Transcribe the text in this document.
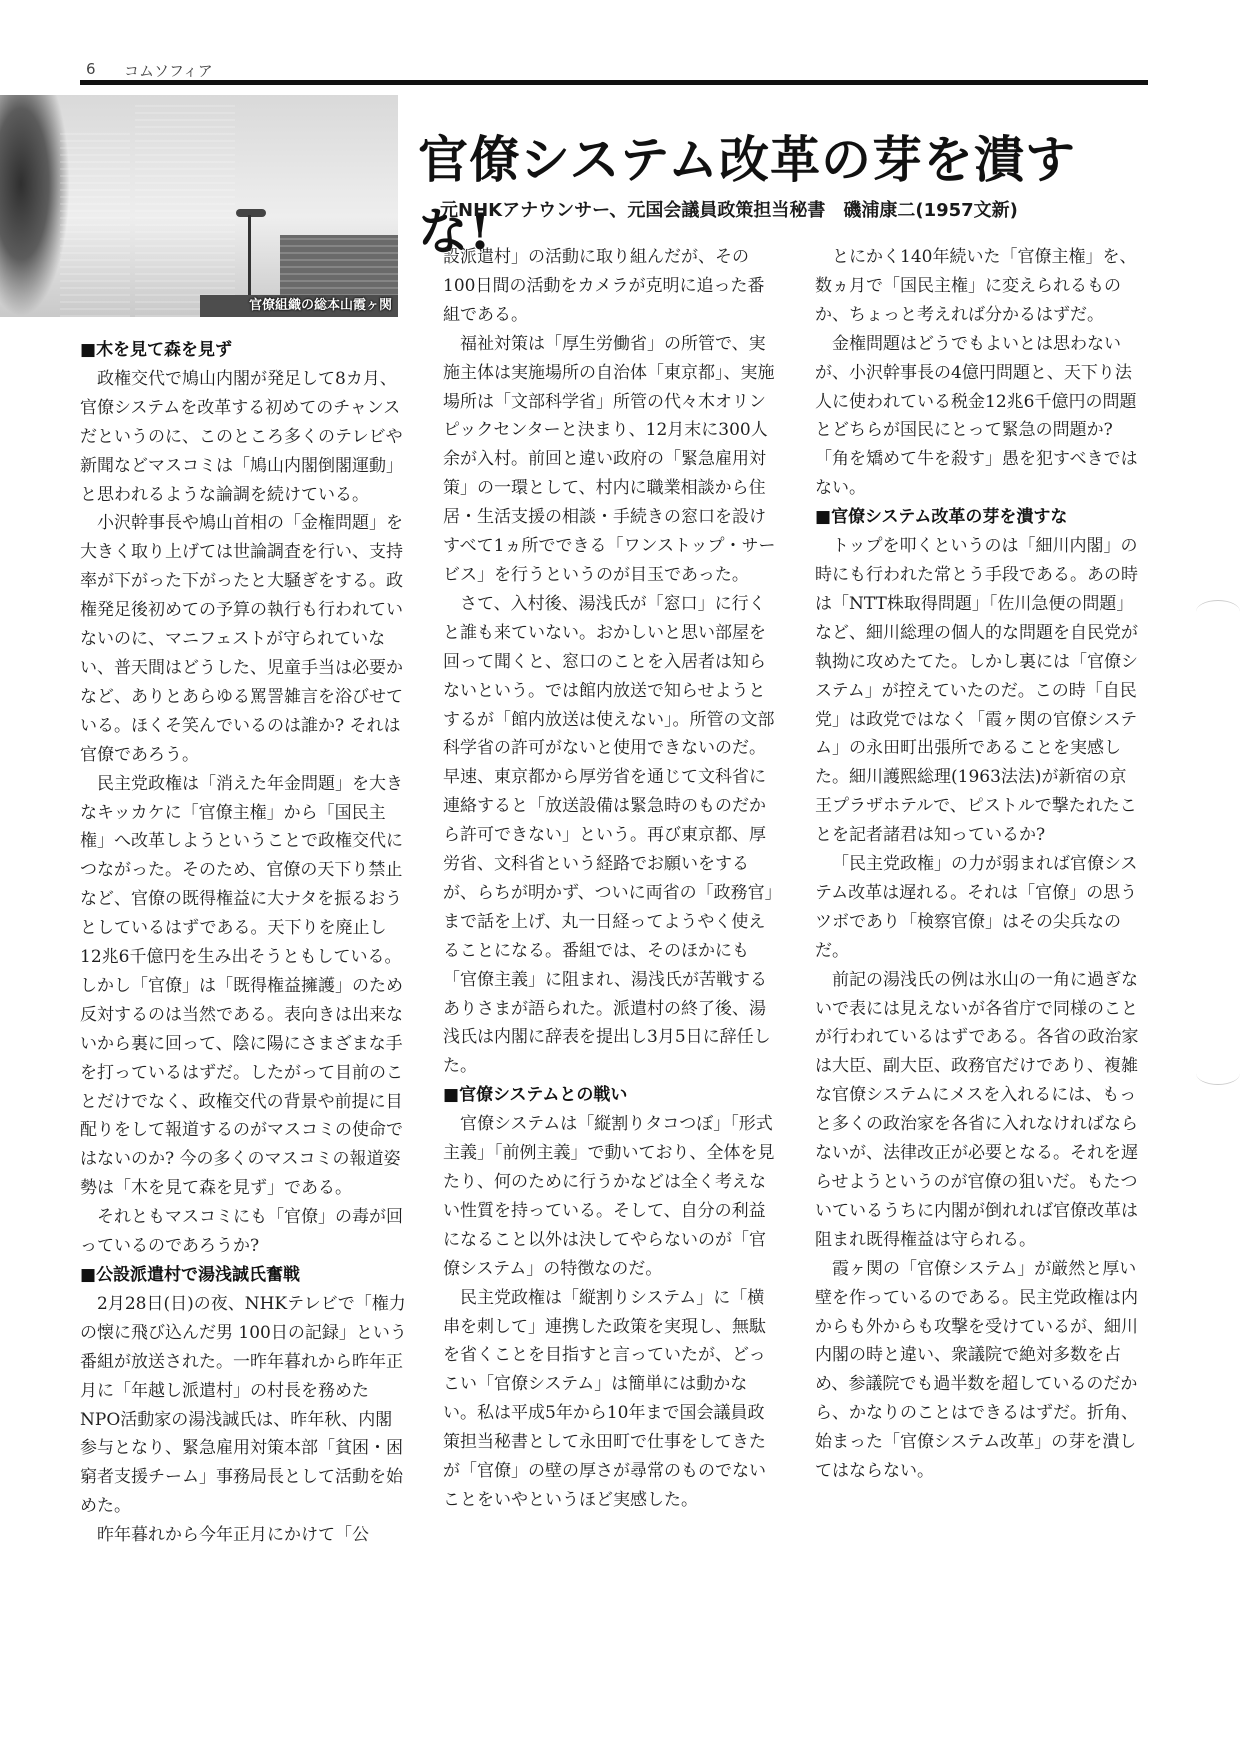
6 コムソフィア
官僚組織の総本山霞ヶ関
官僚システム改革の芽を潰すな!
元NHKアナウンサー、元国会議員政策担当秘書 磯浦康二(1957文新)
■ 木を見て森を見ず

政権交代で鳩山内閣が発足して8カ月、官僚システムを改革する初めてのチャンスだというのに、このところ多くのテレビや新聞などマスコミは「鳩山内閣倒閣運動」と思われるような論調を続けている。

小沢幹事長や鳩山首相の「金権問題」を大きく取り上げては世論調査を行い、支持率が下がった下がったと大騒ぎをする。政権発足後初めての予算の執行も行われていないのに、マニフェストが守られていない、普天間はどうした、児童手当は必要かなど、ありとあらゆる罵詈雑言を浴びせている。ほくそ笑んでいるのは誰か? それは官僚であろう。

民主党政権は「消えた年金問題」を大きなキッカケに「官僚主権」から「国民主権」へ改革しようということで政権交代につながった。そのため、官僚の天下り禁止など、官僚の既得権益に大ナタを振るおうとしているはずである。天下りを廃止し12兆6千億円を生み出そうともしている。しかし「官僚」は「既得権益擁護」のため反対するのは当然である。表向きは出来ないから裏に回って、陰に陽にさまざまな手を打っているはずだ。したがって目前のことだけでなく、政権交代の背景や前提に目配りをして報道するのがマスコミの使命ではないのか? 今の多くのマスコミの報道姿勢は「木を見て森を見ず」である。

それともマスコミにも「官僚」の毒が回っているのであろうか?

■ 公設派遣村で湯浅誠氏奮戦

2月28日(日)の夜、NHKテレビで「権力の懐に飛び込んだ男 100日の記録」という番組が放送された。一昨年暮れから昨年正月に「年越し派遣村」の村長を務めたNPO活動家の湯浅誠氏は、昨年秋、内閣参与となり、緊急雇用対策本部「貧困・困窮者支援チーム」事務局長として活動を始めた。

昨年暮れから今年正月にかけて「公

設派遣村」の活動に取り組んだが、その100日間の活動をカメラが克明に追った番組である。

福祉対策は「厚生労働省」の所管で、実施主体は実施場所の自治体「東京都」、実施場所は「文部科学省」所管の代々木オリンピックセンターと決まり、12月末に300人余が入村。前回と違い政府の「緊急雇用対策」の一環として、村内に職業相談から住居・生活支援の相談・手続きの窓口を設けすべて1ヵ所でできる「ワンストップ・サービス」を行うというのが目玉であった。

さて、入村後、湯浅氏が「窓口」に行くと誰も来ていない。おかしいと思い部屋を回って聞くと、窓口のことを入居者は知らないという。では館内放送で知らせようとするが「館内放送は使えない」。所管の文部科学省の許可がないと使用できないのだ。早速、東京都から厚労省を通じて文科省に連絡すると「放送設備は緊急時のものだから許可できない」という。再び東京都、厚労省、文科省という経路でお願いをするが、らちが明かず、ついに両省の「政務官」まで話を上げ、丸一日経ってようやく使えることになる。番組では、そのほかにも「官僚主義」に阻まれ、湯浅氏が苦戦するありさまが語られた。派遣村の終了後、湯浅氏は内閣に辞表を提出し3月5日に辞任した。

■ 官僚システムとの戦い

官僚システムは「縦割りタコつぼ」「形式主義」「前例主義」で動いており、全体を見たり、何のために行うかなどは全く考えない性質を持っている。そして、自分の利益になること以外は決してやらないのが「官僚システム」の特徴なのだ。

民主党政権は「縦割りシステム」に「横串を刺して」連携した政策を実現し、無駄を省くことを目指すと言っていたが、どっこい「官僚システム」は簡単には動かない。私は平成5年から10年まで国会議員政策担当秘書として永田町で仕事をしてきたが「官僚」の壁の厚さが尋常のものでないことをいやというほど実感した。

とにかく140年続いた「官僚主権」を、数ヵ月で「国民主権」に変えられるものか、ちょっと考えれば分かるはずだ。

金権問題はどうでもよいとは思わないが、小沢幹事長の4億円問題と、天下り法人に使われている税金12兆6千億円の問題とどちらが国民にとって緊急の問題か?「角を矯めて牛を殺す」愚を犯すべきではない。

■ 官僚システム改革の芽を潰すな

トップを叩くというのは「細川内閣」の時にも行われた常とう手段である。あの時は「NTT株取得問題」「佐川急便の問題」など、細川総理の個人的な問題を自民党が執拗に攻めたてた。しかし裏には「官僚システム」が控えていたのだ。この時「自民党」は政党ではなく「霞ヶ関の官僚システム」の永田町出張所であることを実感した。細川護熙総理(1963法法)が新宿の京王プラザホテルで、ピストルで撃たれたことを記者諸君は知っているか?

「民主党政権」の力が弱まれば官僚システム改革は遅れる。それは「官僚」の思うツボであり「検察官僚」はその尖兵なのだ。

前記の湯浅氏の例は氷山の一角に過ぎないで表には見えないが各省庁で同様のことが行われているはずである。各省の政治家は大臣、副大臣、政務官だけであり、複雑な官僚システムにメスを入れるには、もっと多くの政治家を各省に入れなければならないが、法律改正が必要となる。それを遅らせようというのが官僚の狙いだ。もたついているうちに内閣が倒れれば官僚改革は阻まれ既得権益は守られる。

霞ヶ関の「官僚システム」が厳然と厚い壁を作っているのである。民主党政権は内からも外からも攻撃を受けているが、細川内閣の時と違い、衆議院で絶対多数を占め、参議院でも過半数を超しているのだから、かなりのことはできるはずだ。折角、始まった「官僚システム改革」の芽を潰してはならない。
